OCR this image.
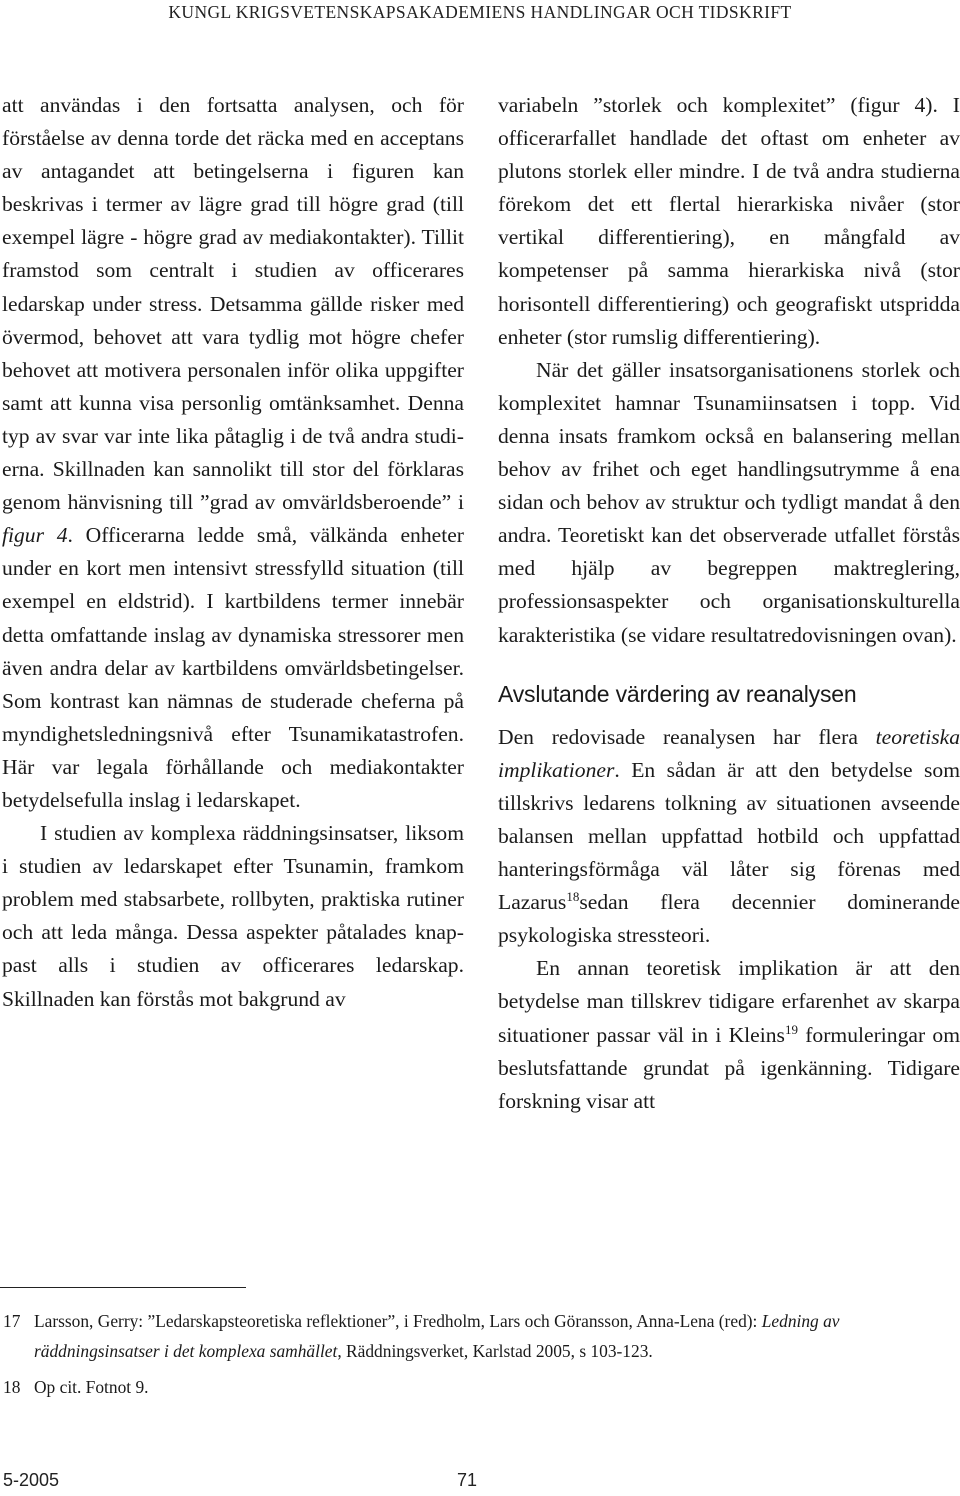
KUNGL KRIGSVETENSKAPSAKADEMIENS HANDLINGAR OCH TIDSKRIFT

att användas i den fortsatta analysen, och för förståelse av denna torde det räcka med en acceptans av antagandet att betingelserna i figuren kan beskrivas i termer av lägre grad till högre grad (till exempel lägre - högre grad av mediakontakter). Tillit framstod som centralt i studien av officerares ledarskap under stress. Detsamma gällde risker med övermod, behovet att vara tydlig mot högre chefer behovet att motivera personalen inför olika uppgifter samt att kunna visa personlig omtänksamhet. Denna typ av svar var inte lika påtaglig i de två andra studierna. Skillnaden kan sannolikt till stor del förklaras genom hänvisning till ”grad av omvärldsberoende” i figur 4. Officerarna ledde små, välkända enheter under en kort men intensivt stressfylld situation (till exempel en eldstrid). I kartbildens termer innebär detta omfattande inslag av dynamiska stressorer men även andra delar av kartbildens omvärldsbetingelser. Som kontrast kan nämnas de studerade cheferna på myndighetsledningsnivå efter Tsunamikatastrofen. Här var legala förhållande och mediakontakter betydelsefulla inslag i ledarskapet.

I studien av komplexa räddningsinsatser, liksom i studien av ledarskapet efter Tsunamin, framkom problem med stabsarbete, rollbyten, praktiska rutiner och att leda många. Dessa aspekter påtalades knappast alls i studien av officerares ledarskap. Skillnaden kan förstås mot bakgrund av

variabeln ”storlek och komplexitet” (figur 4). I officerarfallet handlade det oftast om enheter av plutons storlek eller mindre. I de två andra studierna förekom det ett flertal hierarkiska nivåer (stor vertikal differentiering), en mångfald av kompetenser på samma hierarkiska nivå (stor horisontell differentiering) och geografiskt utspridda enheter (stor rumslig differentiering).

När det gäller insatsorganisationens storlek och komplexitet hamnar Tsunamiinsatsen i topp. Vid denna insats framkom också en balansering mellan behov av frihet och eget handlingsutrymme å ena sidan och behov av struktur och tydligt mandat å den andra. Teoretiskt kan det observerade utfallet förstås med hjälp av begreppen maktreglering, professionsaspekter och organisationskulturella karakteristika (se vidare resultatredovisningen ovan).

Avslutande värdering av reanalysen

Den redovisade reanalysen har flera teoretiska implikationer. En sådan är att den betydelse som tillskrivs ledarens tolkning av situationen avseende balansen mellan uppfattad hotbild och uppfattad hanteringsförmåga väl låter sig förenas med Lazarus$^{18}$sedan flera decennier dominerande psykologiska stressteori.

En annan teoretisk implikation är att den betydelse man tillskrev tidigare erfarenhet av skarpa situationer passar väl in i Kleins$^{19}$ formuleringar om beslutsfattande grundat på igenkänning. Tidigare forskning visar att

17 Larsson, Gerry: ”Ledarskapsteoretiska reflektioner”, i Fredholm, Lars och Göransson, Anna-Lena (red): Ledning av räddningsinsatser i det komplexa samhället, Räddningsverket, Karlstad 2005, s 103-123.
18 Op cit. Fotnot 9.
5-2005	71
